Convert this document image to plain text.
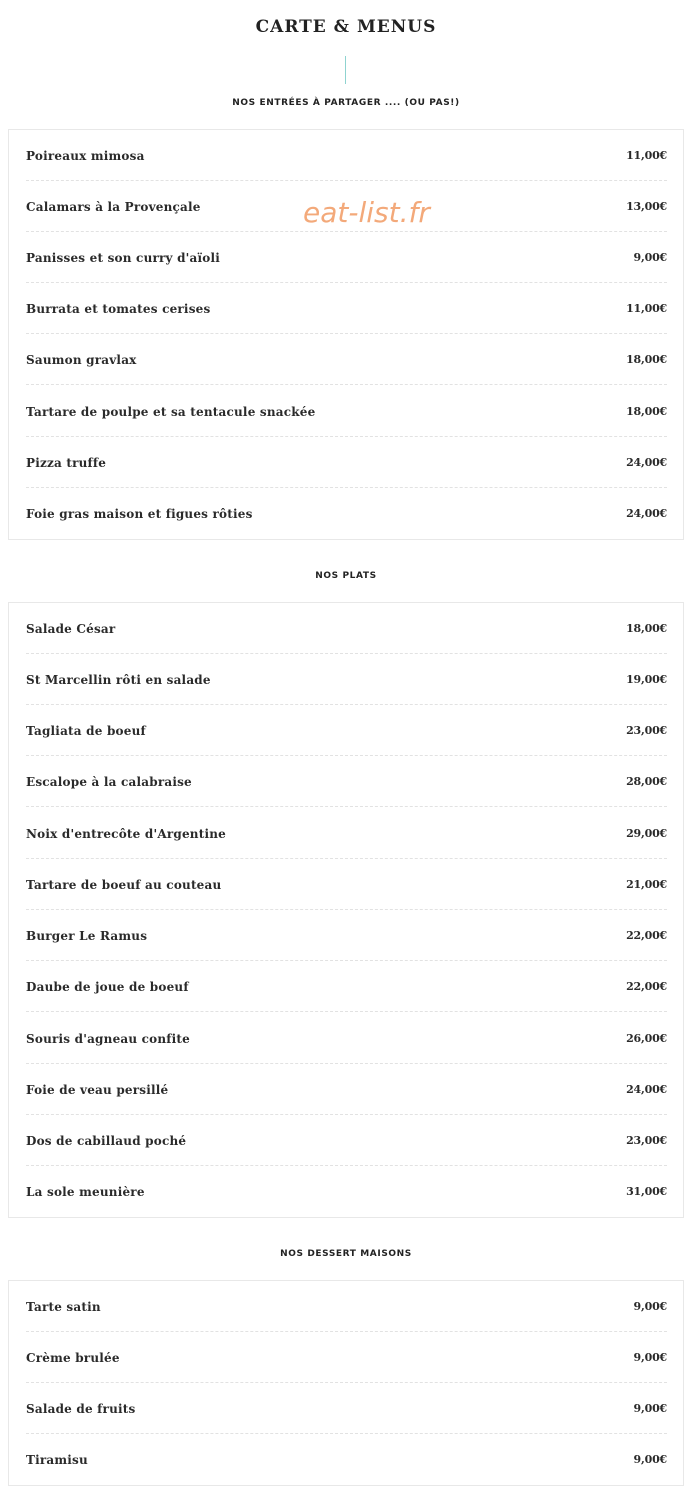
CARTE & MENUS
NOS ENTRÉES À PARTAGER .... (OU PAS!)
Poireaux mimosa	11,00€
Calamars à la Provençale	13,00€
Panisses et son curry d'aïoli	9,00€
Burrata et tomates cerises	11,00€
Saumon gravlax	18,00€
Tartare de poulpe et sa tentacule snackée	18,00€
Pizza truffe	24,00€
Foie gras maison et figues rôties	24,00€
NOS PLATS
Salade César	18,00€
St Marcellin rôti en salade	19,00€
Tagliata de boeuf	23,00€
Escalope à la calabraise	28,00€
Noix d'entrecôte d'Argentine	29,00€
Tartare de boeuf au couteau	21,00€
Burger Le Ramus	22,00€
Daube de joue de boeuf	22,00€
Souris d'agneau confite	26,00€
Foie de veau persillé	24,00€
Dos de cabillaud poché	23,00€
La sole meunière	31,00€
NOS DESSERT MAISONS
Tarte satin	9,00€
Crème brulée	9,00€
Salade de fruits	9,00€
Tiramisu	9,00€
eat-list.fr
